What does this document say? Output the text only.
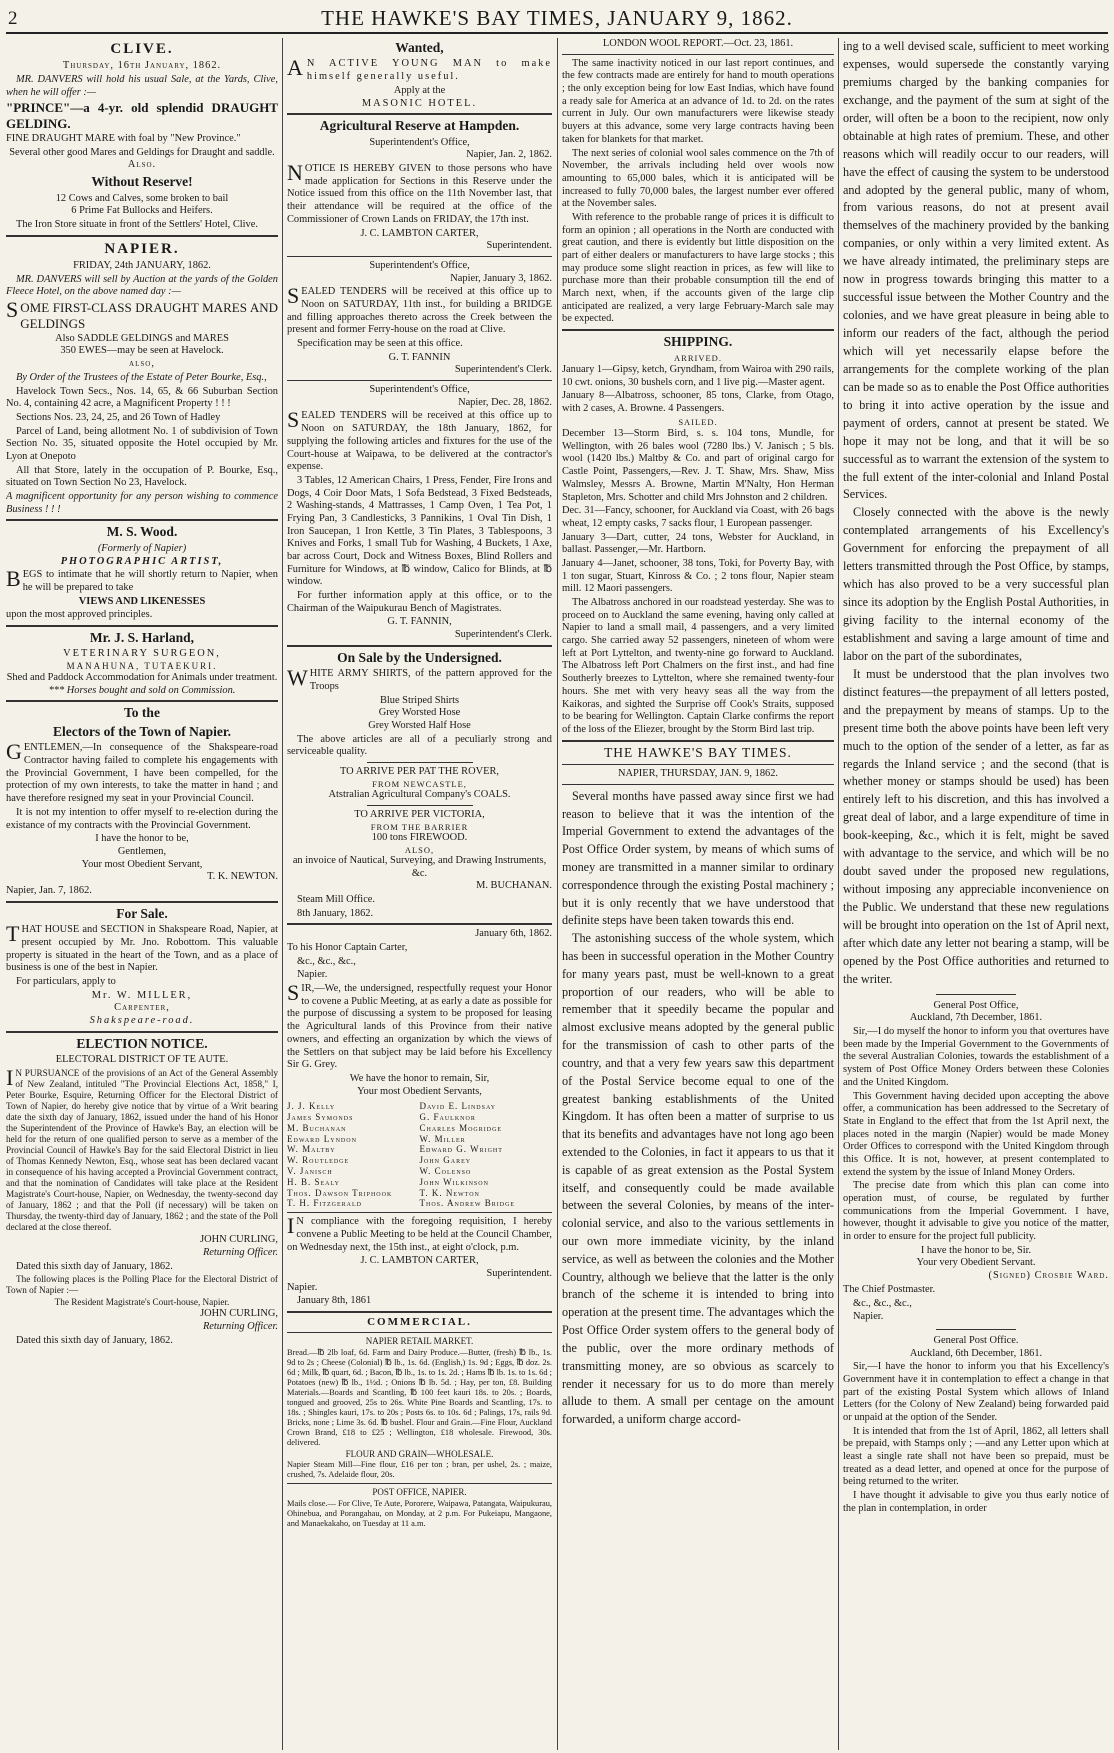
2	THE HAWKE'S BAY TIMES, JANUARY 9, 1862.
CLIVE.
Thursday, 16th January, 1862.
MR. DANVERS will hold his usual Sale, at the Yards, Clive, when he will offer :—
"PRINCE"—a 4-yr. old splendid DRAUGHT GELDING.
FINE DRAUGHT MARE with foal by "New Province."
Several other good Mares and Geldings for Draught and saddle.
Also.
Without Reserve!
12 Cows and Calves, some broken to bail
6 Prime Fat Bullocks and Heifers.
The Iron Store situate in front of the Settlers' Hotel, Clive.
NAPIER.
FRIDAY, 24th JANUARY, 1862.
MR. DANVERS will sell by Auction at the yards of the Golden Fleece Hotel, on the above named day :—
SOME FIRST-CLASS DRAUGHT MARES AND GELDINGS
Also SADDLE GELDINGS and MARES
350 EWES—may be seen at Havelock.
also,
By Order of the Trustees of the Estate of Peter Bourke, Esq.,
Havelock Town Secs., Nos. 14, 65, & 66 Suburban Section No. 4, containing 42 acre, a Magnificent Property ! ! !
Sections Nos. 23, 24, 25, and 26 Town of Hadley
Parcel of Land, being allotment No. 1 of subdivision of Town Section No. 35, situated opposite the Hotel occupied by Mr. Lyon at Onepoto
All that Store, lately in the occupation of P. Bourke, Esq., situated on Town Section No 23, Havelock.
A magnificent opportunity for any person wishing to commence Business ! ! !
M. S. Wood.
(Formerly of Napier)
PHOTOGRAPHIC ARTIST,
BEGS to intimate that he will shortly return to Napier, when he will be prepared to take
VIEWS AND LIKENESSES
upon the most approved principles.
Mr. J. S. Harland,
VETERINARY SURGEON,
MANAHUNA, TUTAEKURI.
Shed and Paddock Accommodation for Animals under treatment.
*** Horses bought and sold on Commission.
To the
Electors of the Town of Napier.
GENTLEMEN,—In consequence of the Shakspeare-road Contractor having failed to complete his engagements with the Provincial Government, I have been compelled, for the protection of my own interests, to take the matter in hand ; and have therefore resigned my seat in your Provincial Council.
It is not my intention to offer myself to re-election during the existance of my contracts with the Provincial Government.
I have the honor to be,
Gentlemen,
Your most Obedient Servant,
T. K. NEWTON.
Napier, Jan. 7, 1862.
For Sale.
THAT HOUSE and SECTION in Shakspeare Road, Napier, at present occupied by Mr. Jno. Robottom. This valuable property is situated in the heart of the Town, and as a place of business is one of the best in Napier.
For particulars, apply to
Mr. W. MILLER,
Carpenter,
Shakspeare-road.
ELECTION NOTICE.
ELECTORAL DISTRICT OF TE AUTE.
IN PURSUANCE of the provisions of an Act of the General Assembly of New Zealand, intituled "The Provincial Elections Act, 1858," I, Peter Bourke, Esquire, Returning Officer for the Electoral District of Town of Napier, do hereby give notice that by virtue of a Writ bearing date the sixth day of January, 1862, issued under the hand of his Honor the Superintendent of the Province of Hawke's Bay, an election will be held for the return of one qualified person to serve as a member of the Provincial Council of Hawke's Bay for the said Electoral District in lieu of Thomas Kennedy Newton, Esq., whose seat has been declared vacant in consequence of his having accepted a Provincial Government contract, and that the nomination of Candidates will take place at the Resident Magistrate's Court-house, Napier, on Wednesday, the twenty-second day of January, 1862 ; and that the Poll (if necessary) will be taken on Thursday, the twenty-third day of January, 1862 ; and the state of the Poll declared at the close thereof.
JOHN CURLING,
Returning Officer.
Dated this sixth day of January, 1862.
The following places is the Polling Place for the Electoral District of Town of Napier :—
The Resident Magistrate's Court-house, Napier.
JOHN CURLING,
Returning Officer.
Dated this sixth day of January, 1862.
Wanted,
AN ACTIVE YOUNG MAN to make himself generally useful.
Apply at the
MASONIC HOTEL.
Agricultural Reserve at Hampden.
Superintendent's Office,
Napier, Jan. 2, 1862.
NOTICE IS HEREBY GIVEN to those persons who have made application for Sections in this Reserve under the Notice issued from this office on the 11th November last, that their attendance will be required at the office of the Commissioner of Crown Lands on FRIDAY, the 17th inst.
J. C. LAMBTON CARTER,
Superintendent.
Superintendent's Office,
Napier, January 3, 1862.
SEALED TENDERS will be received at this office up to Noon on SATURDAY, 11th inst., for building a BRIDGE and filling approaches thereto across the Creek between the present and former Ferry-house on the road at Clive.
Specification may be seen at this office.
G. T. FANNIN
Superintendent's Clerk.
Superintendent's Office,
Napier, Dec. 28, 1862.
SEALED TENDERS will be received at this office up to Noon on SATURDAY, the 18th January, 1862, for supplying the following articles and fixtures for the use of the Court-house at Waipawa, to be delivered at the contractor's expense.
3 Tables, 12 American Chairs, 1 Press, Fender, Fire Irons and Dogs, 4 Coir Door Mats, 1 Sofa Bedstead, 3 Fixed Bedsteads, 2 Washing-stands, 4 Mattrasses, 1 Camp Oven, 1 Tea Pot, 1 Frying Pan, 3 Candlesticks, 3 Pannikins, 1 Oval Tin Dish, 1 Iron Saucepan, 1 Iron Kettle, 3 Tin Plates, 3 Tablespoons, 3 Knives and Forks, 1 small Tub for Washing, 4 Buckets, 1 Axe, bar across Court, Dock and Witness Boxes, Blind Rollers and Furniture for Windows, at ℔ window, Calico for Blinds, at ℔ window.
For further information apply at this office, or to the Chairman of the Waipukurau Bench of Magistrates.
G. T. FANNIN,
Superintendent's Clerk.
On Sale by the Undersigned.
WHITE ARMY SHIRTS, of the pattern approved for the Troops
Blue Striped Shirts
Grey Worsted Hose
Grey Worsted Half Hose
The above articles are all of a peculiarly strong and serviceable quality.
TO ARRIVE PER PAT THE ROVER,
FROM NEWCASTLE,
Atstralian Agricultural Company's COALS.
TO ARRIVE PER VICTORIA,
FROM THE BARRIER
100 tons FIREWOOD.
ALSO,
an invoice of Nautical, Surveying, and Drawing Instruments, &c.
M. BUCHANAN.
Steam Mill Office.
8th January, 1862.
January 6th, 1862.
To his Honor Captain Carter,
&c., &c., &c.,
Napier.
SIR,—We, the undersigned, respectfully request your Honor to covene a Public Meeting, at as early a date as possible for the purpose of discussing a system to be proposed for leasing the Agricultural lands of this Province from their native owners, and effecting an organization by which the views of the Settlers on that subject may be laid before his Excellency Sir G. Grey.
We have the honor to remain, Sir,
Your most Obedient Servants,
J. J. Kelly	David E. Lindsay
James Symonds	G. Faulknor
M. Buchanan	Charles Mogridge
Edward Lyndon	W. Miller
W. Maltby	Edward G. Wright
W. Routledge	John Garey
V. Janisch	W. Colenso
H. B. Sealy	John Wilkinson
Thos. Dawson Triphook	T. K. Newton
T. H. Fitzgerald	Thos. Andrew Bridge
IN compliance with the foregoing requisition, I hereby convene a Public Meeting to be held at the Council Chamber, on Wednesday next, the 15th inst., at eight o'clock, p.m.
J. C. LAMBTON CARTER,
Superintendent.
Napier.
January 8th, 1861
COMMERCIAL.
NAPIER RETAIL MARKET.
Bread.—℔ 2lb loaf, 6d. Farm and Dairy Produce.—Butter, (fresh) ℔ lb., 1s. 9d to 2s ; Cheese (Colonial) ℔ lb., 1s. 6d. (English,) 1s. 9d ; Eggs, ℔ doz. 2s. 6d ; Milk, ℔ quart, 6d. ; Bacon, ℔ lb., 1s. to 1s. 2d. ; Hams ℔ lb. 1s. to 1s. 6d ; Potatoes (new) ℔ lb., 1½d. ; Onions ℔ lb. 5d. ; Hay, per ton, £8. Building Materials.—Boards and Scantling, ℔ 100 feet kauri 18s. to 20s. ; Boards, tongued and grooved, 25s to 26s. White Pine Boards and Scantling, 17s. to 18s. ; Shingles kauri, 17s. to 20s ; Posts 6s. to 10s. 6d ; Palings, 17s, rails 9d. Bricks, none ; Lime 3s. 6d. ℔ bushel. Flour and Grain.—Fine Flour, Auckland Crown Brand, £18 to £25 ; Wellington, £18 wholesale. Firewood, 30s. delivered.
FLOUR AND GRAIN—WHOLESALE.
Napier Steam Mill—Fine flour, £16 per ton ; bran, per ushel, 2s. ; maize, crushed, 7s. Adelaide flour, 20s.
POST OFFICE, NAPIER.
Mails close.— For Clive, Te Aute, Pororere, Waipawa, Patangata, Waipukurau, Ohinebua, and Porangahau, on Monday, at 2 p.m. For Pukeiapu, Mangaone, and Manaekakaho, on Tuesday at 11 a.m.
LONDON WOOL REPORT.—Oct. 23, 1861.
The same inactivity noticed in our last report continues, and the few contracts made are entirely for hand to mouth operations ; the only exception being for low East Indias, which have found a ready sale for America at an advance of 1d. to 2d. on the rates current in July. Our own manufacturers were likewise steady buyers at this advance, some very large contracts having been taken for blankets for that market.
The next series of colonial wool sales commence on the 7th of November, the arrivals including held over wools now amounting to 65,000 bales, which it is anticipated will be increased to fully 70,000 bales, the largest number ever offered at the November sales.
With reference to the probable range of prices it is difficult to form an opinion ; all operations in the North are conducted with great caution, and there is evidently but little disposition on the part of either dealers or manufacturers to have large stocks ; this may produce some slight reaction in prices, as few will like to purchase more than their probable consumption till the end of March next, when, if the accounts given of the large clip anticipated are realized, a very large February-March sale may be expected.
SHIPPING.
ARRIVED.
January 1—Gipsy, ketch, Gryndham, from Wairoa with 290 rails, 10 cwt. onions, 30 bushels corn, and 1 live pig.—Master agent.
January 8—Albatross, schooner, 85 tons, Clarke, from Otago, with 2 cases, A. Browne. 4 Passengers.
SAILED.
December 13—Storm Bird, s. s. 104 tons, Mundle, for Wellington, with 26 bales wool (7280 lbs.) V. Janisch ; 5 bls. wool (1420 lbs.) Maltby & Co. and part of original cargo for Castle Point, Passengers,—Rev. J. T. Shaw, Mrs. Shaw, Miss Walmsley, Messrs A. Browne, Martin M'Nalty, Hon Herman Stapleton, Mrs. Schotter and child Mrs Johnston and 2 children.
Dec. 31—Fancy, schooner, for Auckland via Coast, with 26 bags wheat, 12 empty casks, 7 sacks flour, 1 European passenger.
January 3—Dart, cutter, 24 tons, Webster for Auckland, in ballast. Passenger,—Mr. Hartborn.
January 4—Janet, schooner, 38 tons, Toki, for Poverty Bay, with 1 ton sugar, Stuart, Kinross & Co. ; 2 tons flour, Napier steam mill. 12 Maori passengers.
The Albatross anchored in our roadstead yesterday. She was to proceed on to Auckland the same evening, having only called at Napier to land a small mail, 4 passengers, and a very limited cargo. She carried away 52 passengers, nineteen of whom were left at Port Lyttelton, and twenty-nine go forward to Auckland. The Albatross left Port Chalmers on the first inst., and had fine Southerly breezes to Lyttelton, where she remained twenty-four hours. She met with very heavy seas all the way from the Kaikoras, and sighted the Surprise off Cook's Straits, supposed to be bearing for Wellington. Captain Clarke confirms the report of the loss of the Eliezer, brought by the Storm Bird last trip.
THE HAWKE'S BAY TIMES.
NAPIER, THURSDAY, JAN. 9, 1862.
Several months have passed away since first we had reason to believe that it was the intention of the Imperial Government to extend the advantages of the Post Office Order system, by means of which sums of money are transmitted in a manner similar to ordinary correspondence through the existing Postal machinery ; but it is only recently that we have understood that definite steps have been taken towards this end.
The astonishing success of the whole system, which has been in successful operation in the Mother Country for many years past, must be well-known to a great proportion of our readers, who will be able to remember that it speedily became the popular and almost exclusive means adopted by the general public for the transmission of cash to other parts of the country, and that a very few years saw this department of the Postal Service become equal to one of the greatest banking establishments of the United Kingdom. It has often been a matter of surprise to us that its benefits and advantages have not long ago been extended to the Colonies, in fact it appears to us that it is capable of as great extension as the Postal System itself, and consequently could be made available between the several Colonies, by means of the inter-colonial service, and also to the various settlements in our own more immediate vicinity, by the inland service, as well as between the colonies and the Mother Country, although we believe that the latter is the only branch of the scheme it is intended to bring into operation at the present time. The advantages which the Post Office Order system offers to the general body of the public, over the more ordinary methods of transmitting money, are so obvious as scarcely to render it necessary for us to do more than merely allude to them. A small per centage on the amount forwarded, a uniform charge accord-
ing to a well devised scale, sufficient to meet working expenses, would supersede the constantly varying premiums charged by the banking companies for exchange, and the payment of the sum at sight of the order, will often be a boon to the recipient, now only obtainable at high rates of premium. These, and other reasons which will readily occur to our readers, will have the effect of causing the system to be understood and adopted by the general public, many of whom, from various reasons, do not at present avail themselves of the machinery provided by the banking companies, or only within a very limited extent. As we have already intimated, the preliminary steps are now in progress towards bringing this matter to a successful issue between the Mother Country and the colonies, and we have great pleasure in being able to inform our readers of the fact, although the period which will yet necessarily elapse before the arrangements for the complete working of the plan can be made so as to enable the Post Office authorities to bring it into active operation by the issue and payment of orders, cannot at present be stated. We hope it may not be long, and that it will be so successful as to warrant the extension of the system to the full extent of the inter-colonial and Inland Postal Services.
Closely connected with the above is the newly contemplated arrangements of his Excellency's Government for enforcing the prepayment of all letters transmitted through the Post Office, by stamps, which has also proved to be a very successful plan since its adoption by the English Postal Authorities, in giving facility to the internal economy of the establishment and saving a large amount of time and labor on the part of the subordinates,
It must be understood that the plan involves two distinct features—the prepayment of all letters posted, and the prepayment by means of stamps. Up to the present time both the above points have been left very much to the option of the sender of a letter, as far as regards the Inland service ; and the second (that is whether money or stamps should be used) has been entirely left to his discretion, and this has involved a great deal of labor, and a large expenditure of time in book-keeping, &c., which it is felt, might be saved with advantage to the service, and which will be no doubt saved under the proposed new regulations, without imposing any appreciable inconvenience on the Public. We understand that these new regulations will be brought into operation on the 1st of April next, after which date any letter not bearing a stamp, will be opened by the Post Office authorities and returned to the writer.
General Post Office,
Auckland, 7th December, 1861.
Sir,—I do myself the honor to inform you that overtures have been made by the Imperial Government to the Governments of the several Australian Colonies, towards the establishment of a system of Post Office Money Orders between these Colonies and the United Kingdom.
This Government having decided upon accepting the above offer, a communication has been addressed to the Secretary of State in England to the effect that from the 1st April next, the places noted in the margin (Napier) would be made Money Order Offices to correspond with the United Kingdom through this Office. It is not, however, at present contemplated to extend the system by the issue of Inland Money Orders.
The precise date from which this plan can come into operation must, of course, be regulated by further communications from the Imperial Government. I have, however, thought it advisable to give you notice of the matter, in order to ensure for the project full publicity.
I have the honor to be, Sir.
Your very Obedient Servant.
(Signed) Crosbie Ward.
The Chief Postmaster.
&c., &c., &c.,
Napier.
General Post Office.
Auckland, 6th December, 1861.
Sir,—I have the honor to inform you that his Excellency's Government have it in contemplation to effect a change in that part of the existing Postal System which allows of Inland Letters (for the Colony of New Zealand) being forwarded paid or unpaid at the option of the Sender.
It is intended that from the 1st of April, 1862, all letters shall be prepaid, with Stamps only ; —and any Letter upon which at least a single rate shall not have been so prepaid, must be treated as a dead letter, and opened at once for the purpose of being returned to the writer.
I have thought it advisable to give you thus early notice of the plan in contemplation, in order
